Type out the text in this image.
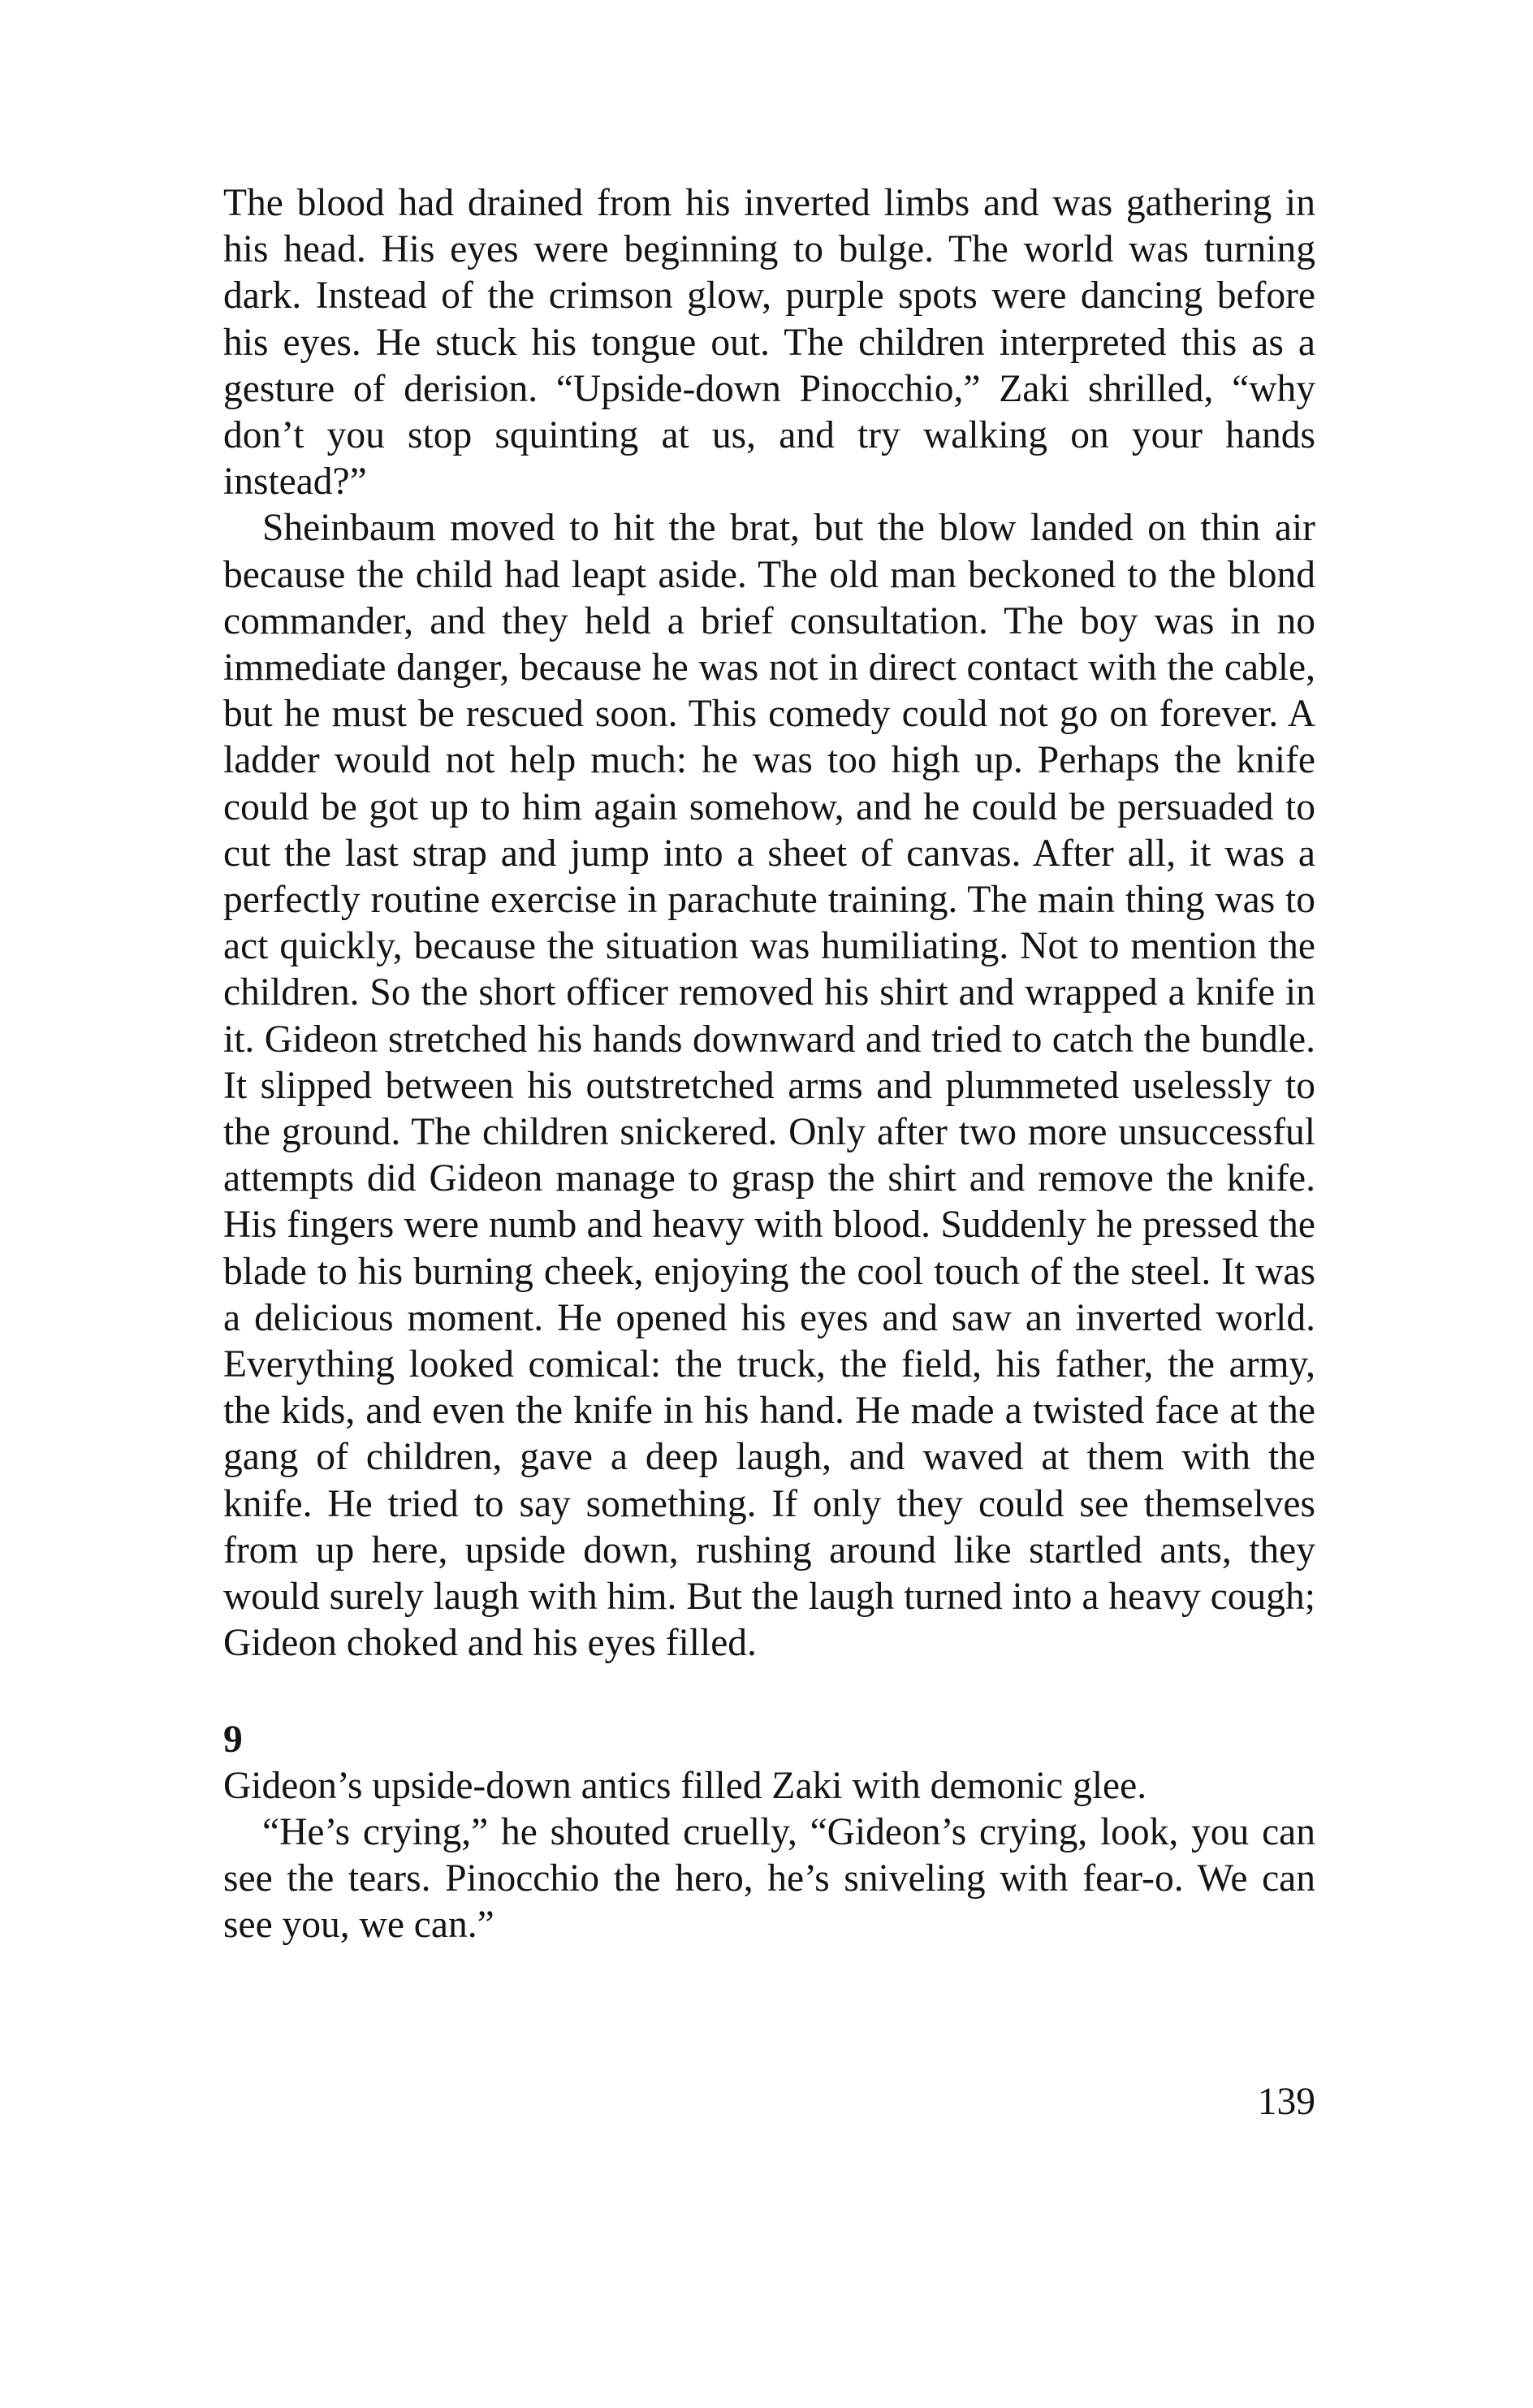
The blood had drained from his inverted limbs and was gathering in his head. His eyes were beginning to bulge. The world was turning dark. Instead of the crimson glow, purple spots were dancing before his eyes. He stuck his tongue out. The children interpreted this as a gesture of derision. “Upside-down Pinocchio,” Zaki shrilled, “why don’t you stop squinting at us, and try walking on your hands instead?”

Sheinbaum moved to hit the brat, but the blow landed on thin air because the child had leapt aside. The old man beckoned to the blond commander, and they held a brief consultation. The boy was in no immediate danger, because he was not in direct contact with the cable, but he must be rescued soon. This comedy could not go on forever. A ladder would not help much: he was too high up. Perhaps the knife could be got up to him again somehow, and he could be persuaded to cut the last strap and jump into a sheet of canvas. After all, it was a perfectly routine exercise in parachute training. The main thing was to act quickly, because the situation was humiliating. Not to mention the children. So the short officer removed his shirt and wrapped a knife in it. Gideon stretched his hands downward and tried to catch the bundle. It slipped between his outstretched arms and plummeted uselessly to the ground. The children snickered. Only after two more unsuccessful attempts did Gideon manage to grasp the shirt and remove the knife. His fingers were numb and heavy with blood. Suddenly he pressed the blade to his burning cheek, enjoying the cool touch of the steel. It was a delicious moment. He opened his eyes and saw an inverted world. Everything looked comical: the truck, the field, his father, the army, the kids, and even the knife in his hand. He made a twisted face at the gang of children, gave a deep laugh, and waved at them with the knife. He tried to say something. If only they could see themselves from up here, upside down, rushing around like startled ants, they would surely laugh with him. But the laugh turned into a heavy cough; Gideon choked and his eyes filled.

9

Gideon’s upside-down antics filled Zaki with demonic glee.

“He’s crying,” he shouted cruelly, “Gideon’s crying, look, you can see the tears. Pinocchio the hero, he’s sniveling with fear-o. We can see you, we can.”

139
